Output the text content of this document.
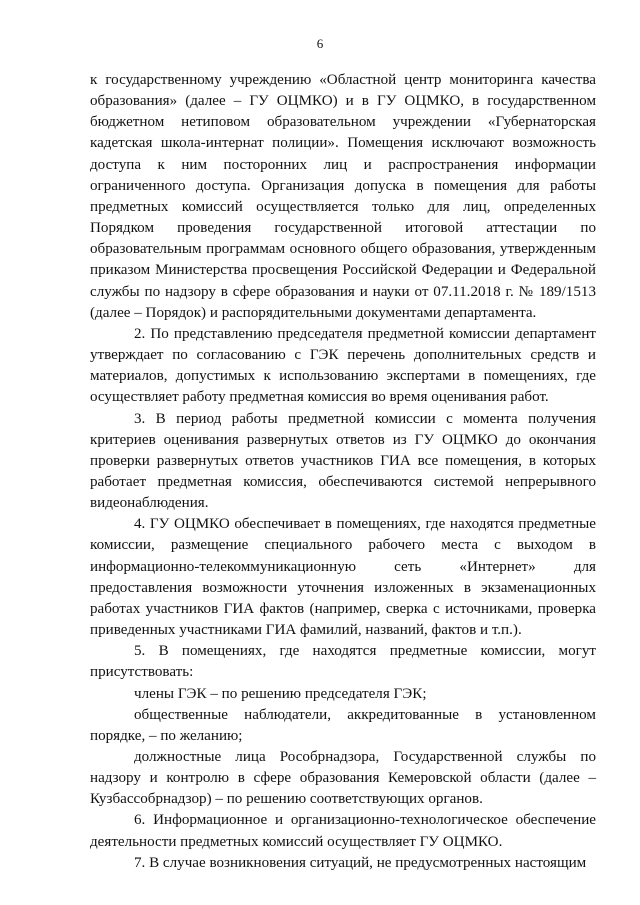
6

к государственному учреждению «Областной центр мониторинга качества образования» (далее – ГУ ОЦМКО) и в ГУ ОЦМКО, в государственном бюджетном нетиповом образовательном учреждении «Губернаторская кадетская школа-интернат полиции». Помещения исключают возможность доступа к ним посторонних лиц и распространения информации ограниченного доступа. Организация допуска в помещения для работы предметных комиссий осуществляется только для лиц, определенных Порядком проведения государственной итоговой аттестации по образовательным программам основного общего образования, утвержденным приказом Министерства просвещения Российской Федерации и Федеральной службы по надзору в сфере образования и науки от 07.11.2018 г. № 189/1513 (далее – Порядок) и распорядительными документами департамента.

2. По представлению председателя предметной комиссии департамент утверждает по согласованию с ГЭК перечень дополнительных средств и материалов, допустимых к использованию экспертами в помещениях, где осуществляет работу предметная комиссия во время оценивания работ.

3. В период работы предметной комиссии с момента получения критериев оценивания развернутых ответов из ГУ ОЦМКО до окончания проверки развернутых ответов участников ГИА все помещения, в которых работает предметная комиссия, обеспечиваются системой непрерывного видеонаблюдения.

4. ГУ ОЦМКО обеспечивает в помещениях, где находятся предметные комиссии, размещение специального рабочего места с выходом в информационно-телекоммуникационную сеть «Интернет» для предоставления возможности уточнения изложенных в экзаменационных работах участников ГИА фактов (например, сверка с источниками, проверка приведенных участниками ГИА фамилий, названий, фактов и т.п.).

5. В помещениях, где находятся предметные комиссии, могут присутствовать:

члены ГЭК – по решению председателя ГЭК;

общественные наблюдатели, аккредитованные в установленном порядке, – по желанию;

должностные лица Рособрнадзора, Государственной службы по надзору и контролю в сфере образования Кемеровской области (далее – Кузбассобрнадзор) – по решению соответствующих органов.

6. Информационное и организационно-технологическое обеспечение деятельности предметных комиссий осуществляет ГУ ОЦМКО.

7. В случае возникновения ситуаций, не предусмотренных настоящим
